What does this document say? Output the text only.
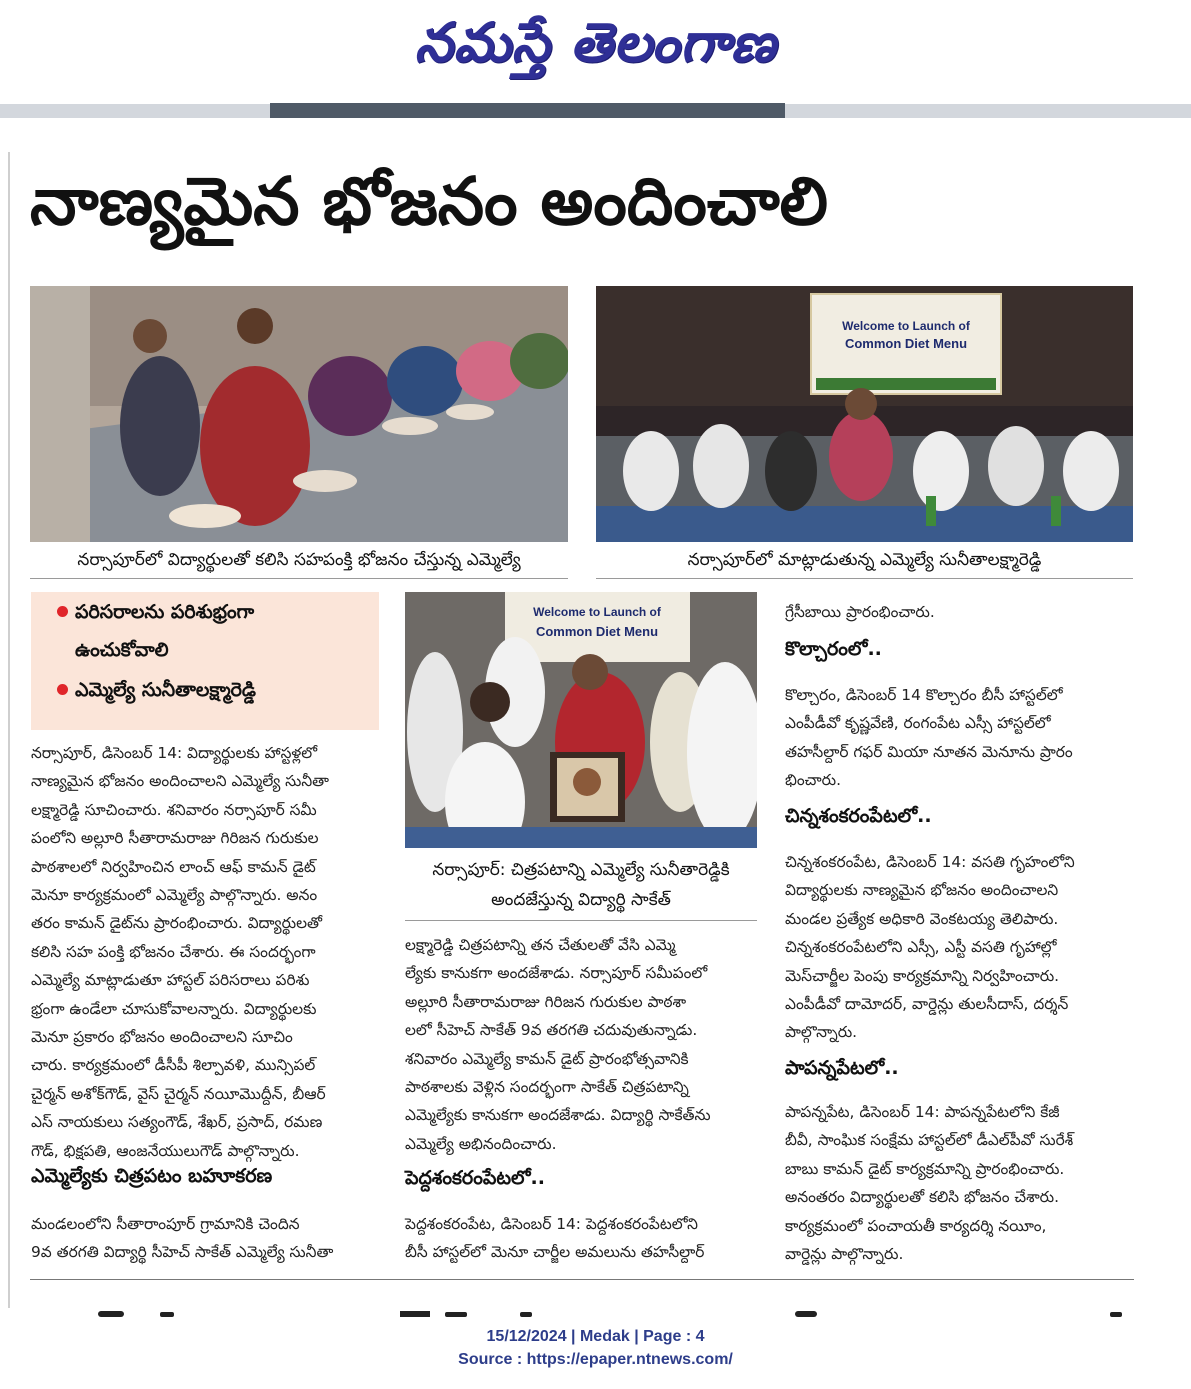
నమస్తే తెలంగాణ
నాణ్యమైన భోజనం అందించాలి
నర్సాపూర్‌లో విద్యార్థులతో కలిసి సహపంక్తి భోజనం చేస్తున్న ఎమ్మెల్యే
Welcome to Launch of
Common Diet Menu
నర్సాపూర్‌లో మాట్లాడుతున్న ఎమ్మెల్యే సునీతాలక్ష్మారెడ్డి
పరిసరాలను పరిశుభ్రంగా
ఉంచుకోవాలి
ఎమ్మెల్యే సునీతాలక్ష్మారెడ్డి
Welcome to Launch of
Common Diet Menu
నర్సాపూర్: చిత్రపటాన్ని ఎమ్మెల్యే సునీతారెడ్డికి
అందజేస్తున్న విద్యార్థి సాకేత్

నర్సాపూర్, డిసెంబర్ 14: విద్యార్థులకు హాస్టళ్లలో

నాణ్యమైన భోజనం అందించాలని ఎమ్మెల్యే సునీతా

లక్ష్మారెడ్డి సూచించారు. శనివారం నర్సాపూర్ సమీ

పంలోని అల్లూరి సీతారామరాజు గిరిజన గురుకుల

పాఠశాలలో నిర్వహించిన లాంచ్ ఆఫ్ కామన్ డైట్

మెనూ కార్యక్రమంలో ఎమ్మెల్యే పాల్గొన్నారు. అనం

తరం కామన్ డైట్‌ను ప్రారంభించారు. విద్యార్థులతో

కలిసి సహ పంక్తి భోజనం చేశారు. ఈ సందర్భంగా

ఎమ్మెల్యే మాట్లాడుతూ హాస్టల్ పరిసరాలు పరిశు

భ్రంగా ఉండేలా చూసుకోవాలన్నారు. విద్యార్థులకు

మెనూ ప్రకారం భోజనం అందించాలని సూచిం

చారు. కార్యక్రమంలో డీసీపీ శిల్పావళి, మున్సిపల్

చైర్మన్ అశోక్‌గౌడ్, వైస్ చైర్మన్ నయీమొద్దీన్, బీఆర్

ఎస్ నాయకులు సత్యంగౌడ్, శేఖర్, ప్రసాద్, రమణ

గౌడ్, భిక్షపతి, ఆంజనేయులుగౌడ్ పాల్గొన్నారు.

ఎమ్మెల్యేకు చిత్రపటం బహూకరణ

మండలంలోని సీతారాంపూర్ గ్రామానికి చెందిన

9వ తరగతి విద్యార్థి సీహెచ్ సాకేత్ ఎమ్మెల్యే సునీతా

లక్ష్మారెడ్డి చిత్రపటాన్ని తన చేతులతో వేసి ఎమ్మె

ల్యేకు కానుకగా అందజేశాడు. నర్సాపూర్ సమీపంలో

అల్లూరి సీతారామరాజు గిరిజన గురుకుల పాఠశా

లలో సీహెచ్ సాకేత్ 9వ తరగతి చదువుతున్నాడు.

శనివారం ఎమ్మెల్యే కామన్ డైట్ ప్రారంభోత్సవానికి

పాఠశాలకు వెళ్లిన సందర్భంగా సాకేత్ చిత్రపటాన్ని

ఎమ్మెల్యేకు కానుకగా అందజేశాడు. విద్యార్థి సాకేత్‌ను

ఎమ్మెల్యే అభినందించారు.

పెద్దశంకరంపేటలో..

పెద్దశంకరంపేట, డిసెంబర్ 14: పెద్దశంకరంపేటలోని

బీసీ హాస్టల్‌లో మెనూ చార్జీల అమలును తహసీల్దార్

గ్రేసీబాయి ప్రారంభించారు.

కొల్చారంలో..

కొల్చారం, డిసెంబర్ 14 కొల్చారం బీసీ హాస్టల్‌లో

ఎంపీడీవో కృష్ణవేణి, రంగంపేట ఎస్సీ హాస్టల్‌లో

తహసీల్దార్ గఫర్ మియా నూతన మెనూను ప్రారం

భించారు.

చిన్నశంకరంపేటలో..

చిన్నశంకరంపేట, డిసెంబర్ 14: వసతి గృహంలోని

విద్యార్థులకు నాణ్యమైన భోజనం అందించాలని

మండల ప్రత్యేక అధికారి వెంకటయ్య తెలిపారు.

చిన్నశంకరంపేటలోని ఎస్సీ, ఎస్టీ వసతి గృహాల్లో

మెస్‌చార్జీల పెంపు కార్యక్రమాన్ని నిర్వహించారు.

ఎంపీడీవో దామోదర్, వార్డెన్లు తులసీదాస్, దర్శన్

పాల్గొన్నారు.

పాపన్నపేటలో..

పాపన్నపేట, డిసెంబర్ 14: పాపన్నపేటలోని కేజీ

బీవీ, సాంఘిక సంక్షేమ హాస్టల్‌లో డీఎల్‌పీవో సురేశ్

బాబు కామన్ డైట్ కార్యక్రమాన్ని ప్రారంభించారు.

అనంతరం విద్యార్థులతో కలిసి భోజనం చేశారు.

కార్యక్రమంలో పంచాయతీ కార్యదర్శి నయీం,

వార్డెన్లు పాల్గొన్నారు.

15/12/2024 | Medak | Page : 4
Source : https://epaper.ntnews.com/
